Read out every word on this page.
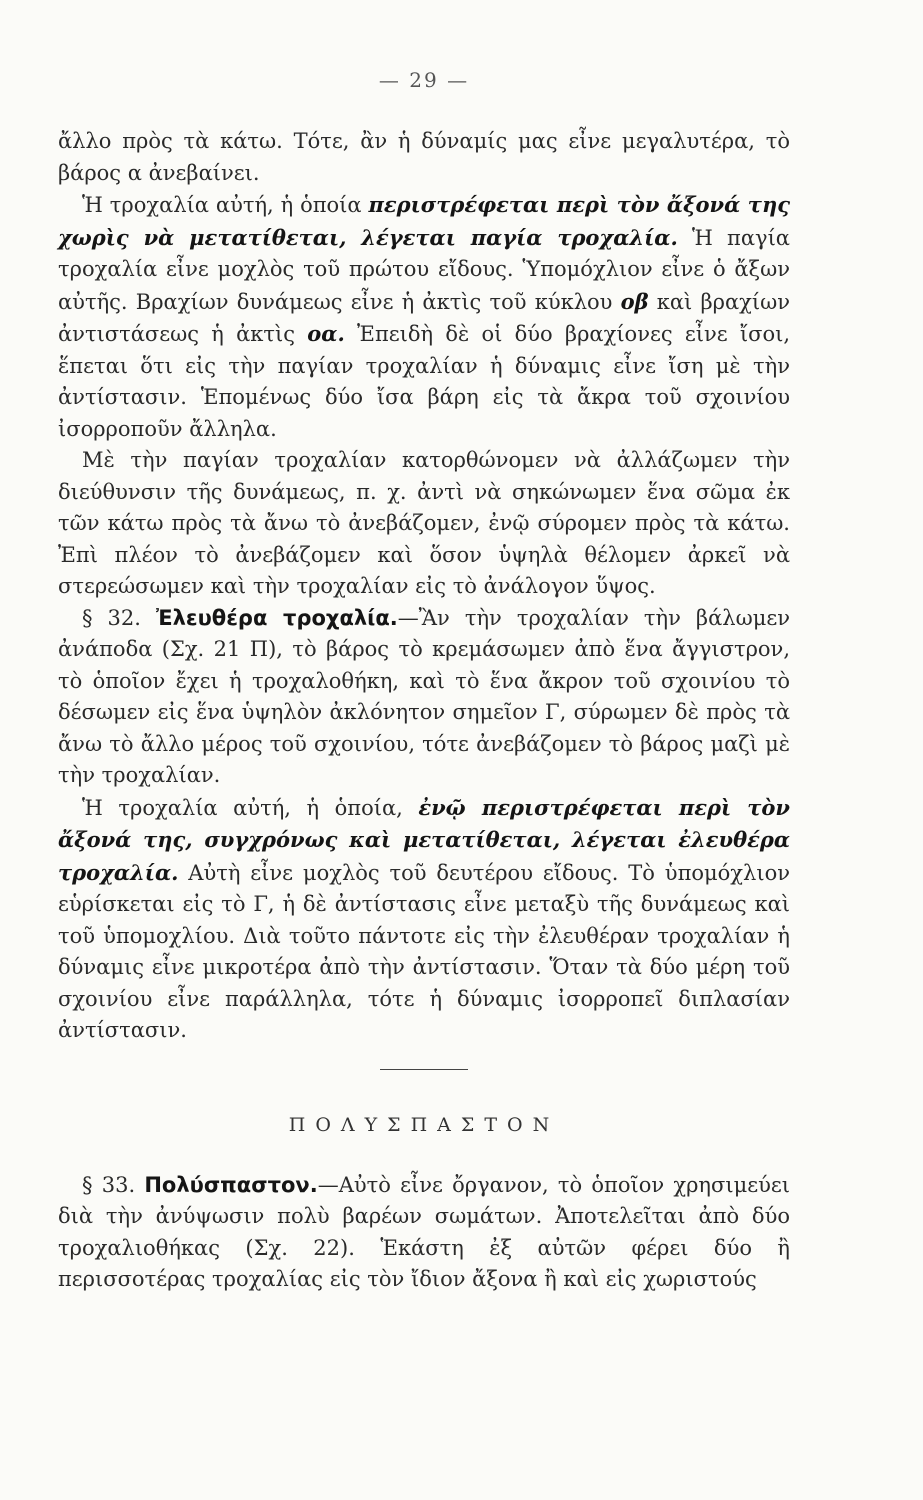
— 29 —

ἄλλο πρὸς τὰ κάτω. Τότε, ἂν ἡ δύναμίς μας εἶνε μεγαλυτέρα, τὸ βάρος α ἀνεβαίνει.

Ἡ τροχαλία αὐτή, ἡ ὁποία περιστρέφεται περὶ τὸν ἄξονά της χωρὶς νὰ μετατίθεται, λέγεται παγία τροχαλία. Ἡ παγία τροχαλία εἶνε μοχλὸς τοῦ πρώτου εἴδους. Ὑπομόχλιον εἶνε ὁ ἄξων αὐτῆς. Βραχίων δυνάμεως εἶνε ἡ ἀκτὶς τοῦ κύκλου οβ καὶ βραχίων ἀντιστάσεως ἡ ἀκτὶς οα. Ἐπειδὴ δὲ οἱ δύο βραχίονες εἶνε ἴσοι, ἕπεται ὅτι εἰς τὴν παγίαν τροχαλίαν ἡ δύναμις εἶνε ἴση μὲ τὴν ἀντίστασιν. Ἑπομένως δύο ἴσα βάρη εἰς τὰ ἄκρα τοῦ σχοινίου ἰσορροποῦν ἄλληλα.

Μὲ τὴν παγίαν τροχαλίαν κατορθώνομεν νὰ ἀλλάζωμεν τὴν διεύθυνσιν τῆς δυνάμεως, π. χ. ἀντὶ νὰ σηκώνωμεν ἕνα σῶμα ἐκ τῶν κάτω πρὸς τὰ ἄνω τὸ ἀνεβάζομεν, ἐνῷ σύρομεν πρὸς τὰ κάτω. Ἐπὶ πλέον τὸ ἀνεβάζομεν καὶ ὅσον ὑψηλὰ θέλομεν ἀρκεῖ νὰ στερεώσωμεν καὶ τὴν τροχαλίαν εἰς τὸ ἀνάλογον ὕψος.

§ 32. Ἐλευθέρα τροχαλία.—Ἂν τὴν τροχαλίαν τὴν βάλωμεν ἀνάποδα (Σχ. 21 Π), τὸ βάρος τὸ κρεμάσωμεν ἀπὸ ἕνα ἄγγιστρον, τὸ ὁποῖον ἔχει ἡ τροχαλοθήκη, καὶ τὸ ἕνα ἄκρον τοῦ σχοινίου τὸ δέσωμεν εἰς ἕνα ὑψηλὸν ἀκλόνητον σημεῖον Γ, σύρωμεν δὲ πρὸς τὰ ἄνω τὸ ἄλλο μέρος τοῦ σχοινίου, τότε ἀνεβάζομεν τὸ βάρος μαζὶ μὲ τὴν τροχαλίαν.

Ἡ τροχαλία αὐτή, ἡ ὁποία, ἐνῷ περιστρέφεται περὶ τὸν ἄξονά της, συγχρόνως καὶ μετατίθεται, λέγεται ἐλευθέρα τροχαλία. Αὐτὴ εἶνε μοχλὸς τοῦ δευτέρου εἴδους. Τὸ ὑπομόχλιον εὑρίσκεται εἰς τὸ Γ, ἡ δὲ ἀντίστασις εἶνε μεταξὺ τῆς δυνάμεως καὶ τοῦ ὑπομοχλίου. Διὰ τοῦτο πάντοτε εἰς τὴν ἐλευθέραν τροχαλίαν ἡ δύναμις εἶνε μικροτέρα ἀπὸ τὴν ἀντίστασιν. Ὅταν τὰ δύο μέρη τοῦ σχοινίου εἶνε παράλληλα, τότε ἡ δύναμις ἰσορροπεῖ διπλασίαν ἀντίστασιν.

ΠΟΛΥΣΠΑΣΤΟΝ

§ 33. Πολύσπαστον.—Αὐτὸ εἶνε ὄργανον, τὸ ὁποῖον χρησιμεύει διὰ τὴν ἀνύψωσιν πολὺ βαρέων σωμάτων. Ἀποτελεῖται ἀπὸ δύο τροχαλιοθήκας (Σχ. 22). Ἑκάστη ἐξ αὐτῶν φέρει δύο ἢ περισσοτέρας τροχαλίας εἰς τὸν ἴδιον ἄξονα ἢ καὶ εἰς χωριστούς
